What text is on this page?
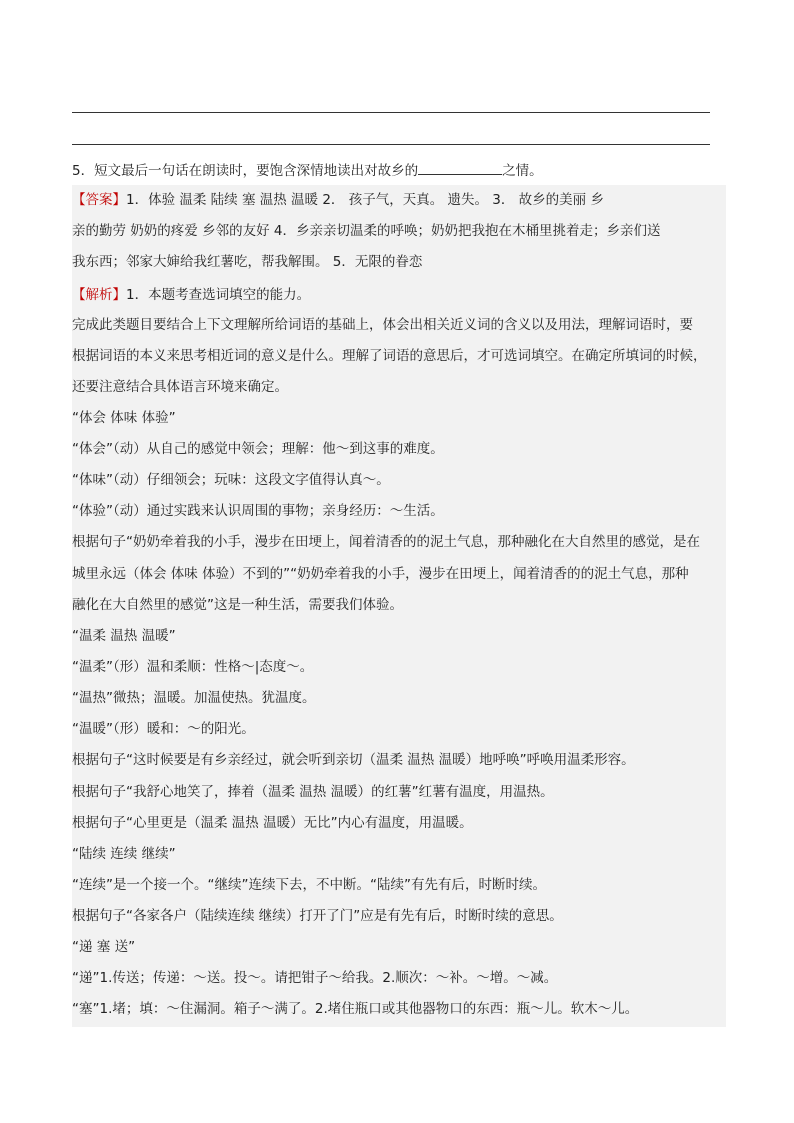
5．短文最后一句话在朗读时，要饱含深情地读出对故乡的	之情。
【答案】1．体验 温柔 陆续 塞 温热 温暖 2． 孩子气，天真。 遗失。 3． 故乡的美丽 乡
亲的勤劳 奶奶的疼爱 乡邻的友好 4．乡亲亲切温柔的呼唤；奶奶把我抱在木桶里挑着走；乡亲们送
我东西；邻家大婶给我红薯吃，帮我解围。 5．无限的眷恋
【解析】1．本题考查选词填空的能力。
完成此类题目要结合上下文理解所给词语的基础上，体会出相关近义词的含义以及用法，理解词语时，要
根据词语的本义来思考相近词的意义是什么。理解了词语的意思后，才可选词填空。在确定所填词的时候，
还要注意结合具体语言环境来确定。
“体会 体味 体验”
“体会”（动）从自己的感觉中领会；理解：他～到这事的难度。
“体味”（动）仔细领会；玩味：这段文字值得认真～。
“体验”（动）通过实践来认识周围的事物；亲身经历：～生活。
根据句子“奶奶牵着我的小手，漫步在田埂上，闻着清香的的泥土气息，那种融化在大自然里的感觉，是在
城里永远（体会 体味 体验）不到的”“奶奶牵着我的小手，漫步在田埂上，闻着清香的的泥土气息，那种
融化在大自然里的感觉”这是一种生活，需要我们体验。
“温柔 温热 温暖”
“温柔”（形）温和柔顺：性格～|态度～。
“温热”微热；温暖。加温使热。犹温度。
“温暖”（形）暖和：～的阳光。
根据句子“这时候要是有乡亲经过，就会听到亲切（温柔 温热 温暖）地呼唤”呼唤用温柔形容。
根据句子“我舒心地笑了，捧着（温柔 温热 温暖）的红薯”红薯有温度，用温热。
根据句子“心里更是（温柔 温热 温暖）无比”内心有温度，用温暖。
“陆续 连续 继续”
“连续”是一个接一个。“继续”连续下去，不中断。“陆续”有先有后，时断时续。
根据句子“各家各户（陆续连续 继续）打开了门”应是有先有后，时断时续的意思。
“递 塞 送”
“递”1.传送；传递：～送。投～。请把钳子～给我。2.顺次：～补。～增。～减。
“塞”1.堵；填：～住漏洞。箱子～满了。2.堵住瓶口或其他器物口的东西：瓶～儿。软木～儿。
